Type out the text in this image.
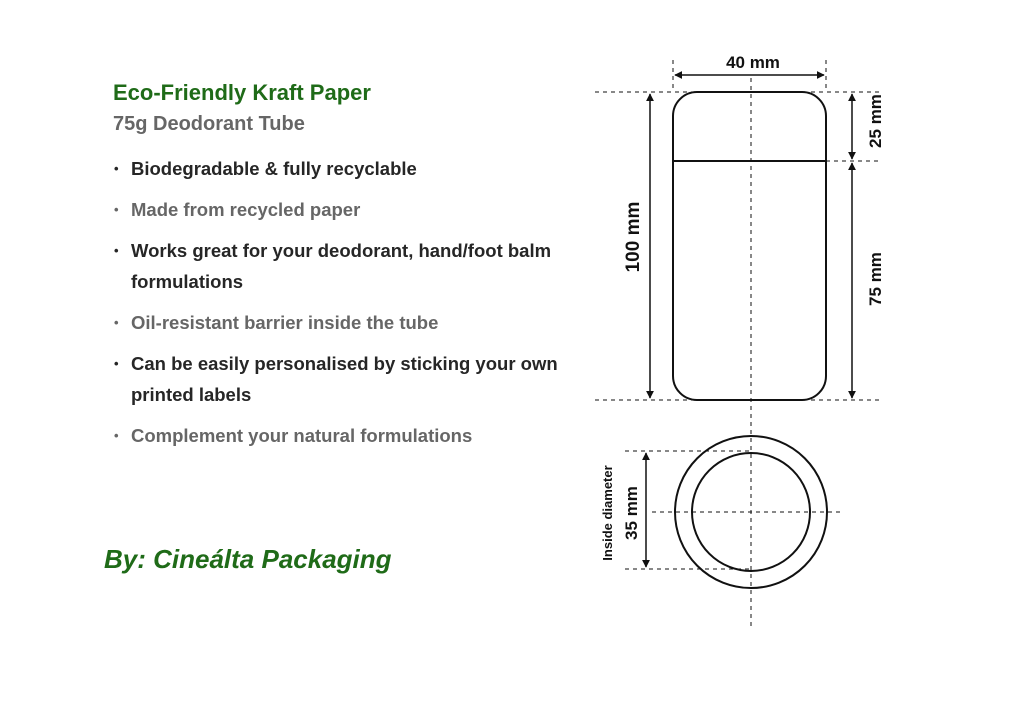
Eco-Friendly Kraft Paper
75g Deodorant Tube
• Biodegradable & fully recyclable
• Made from recycled paper
• Works great for your deodorant, hand/foot balm formulations
• Oil-resistant barrier inside the tube
• Can be easily personalised by sticking your own printed labels
• Complement your natural formulations

By: Cineálta Packaging

40 mm
100 mm
25 mm
75 mm
35 mm
Inside diameter
